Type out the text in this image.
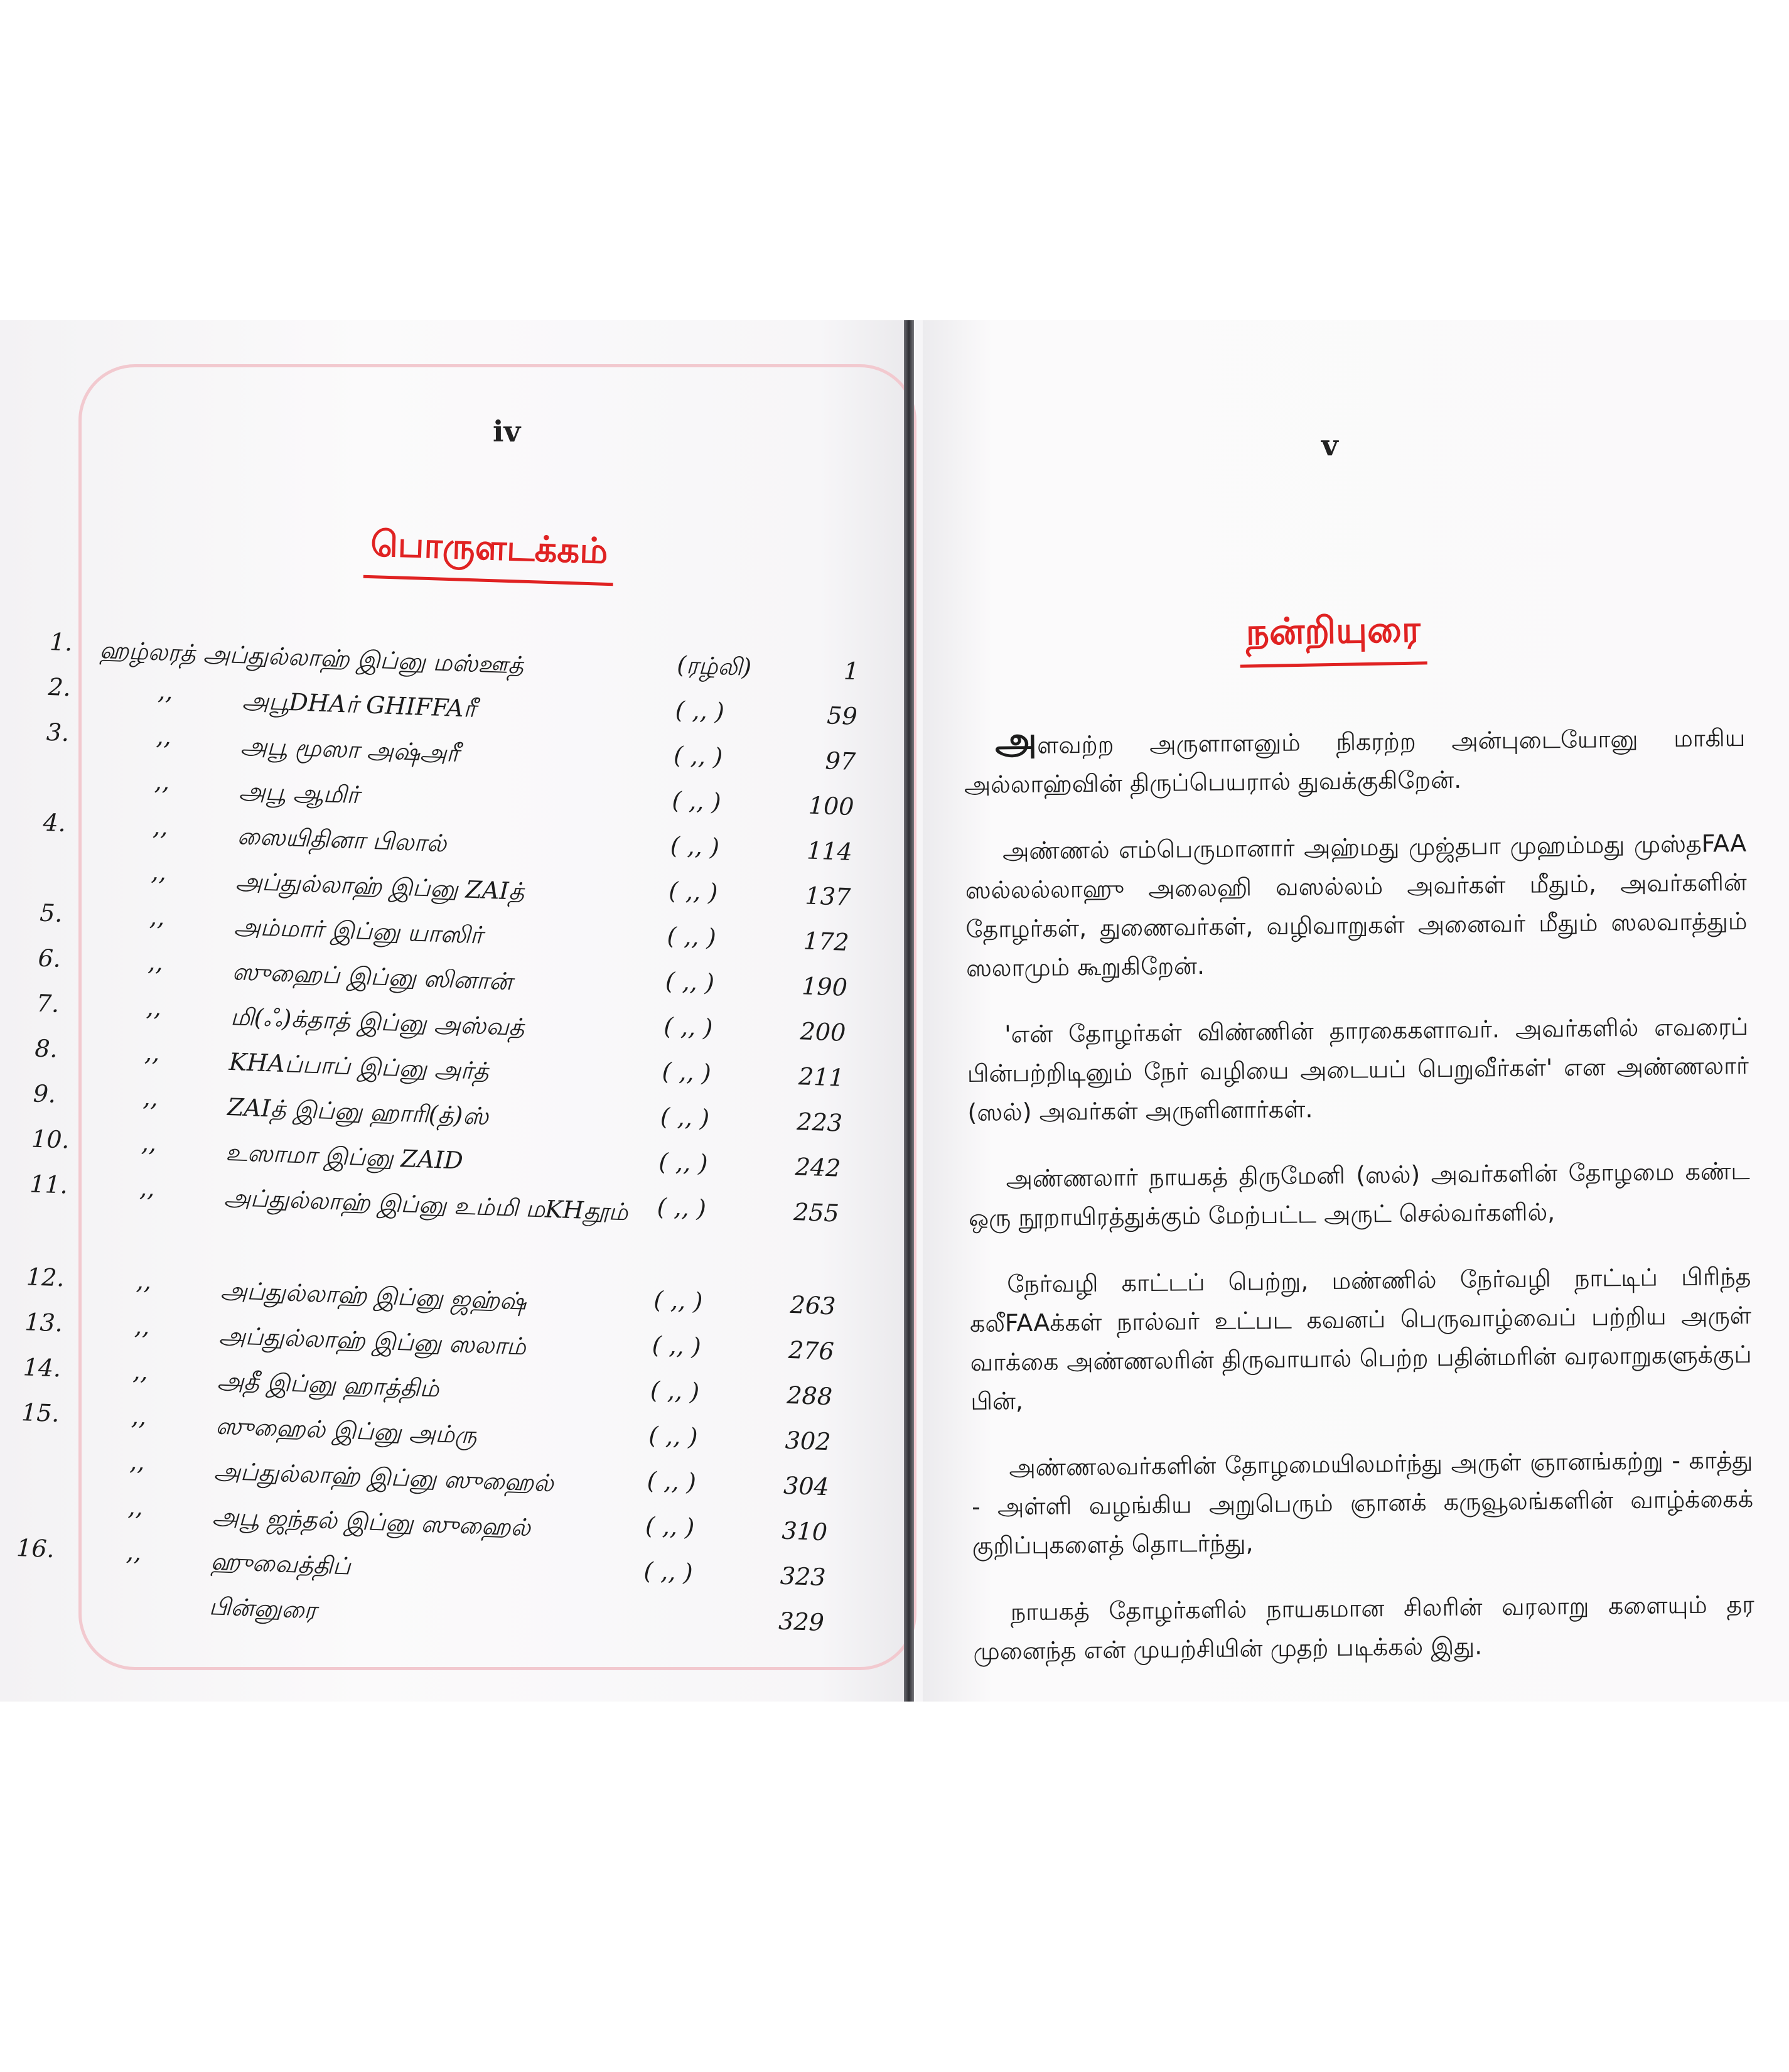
iv
பொருளடக்கம்
1.	ஹழ்லரத் அப்துல்லாஹ் இப்னு மஸ்ஊத்	(ரழ்லி)	1
2.	,,	அபூDHAர் GHIFFAரீ	( ,, )	59
3.	,,	அபூ மூஸா அஷ்அரீ	( ,, )	97
,,	அபூ ஆமிர்	( ,, )	100
4.	,,	ஸையிதினா பிலால்	( ,, )	114
,,	அப்துல்லாஹ் இப்னு ZAIத்	( ,, )	137
5.	,,	அம்மார் இப்னு யாஸிர்	( ,, )	172
6.	,,	ஸுஹைப் இப்னு ஸினான்	( ,, )	190
7.	,,	மி(ஃ)க்தாத் இப்னு அஸ்வத்	( ,, )	200
8.	,,	KHAப்பாப் இப்னு அர்த்	( ,, )	211
9.	,,	ZAIத் இப்னு ஹாரி(த்)ஸ்	( ,, )	223
10.	,,	உஸாமா இப்னு ZAID	( ,, )	242
11.	,,	அப்துல்லாஹ் இப்னு உம்மி மKHதூம்	( ,, )	255
12.	,,	அப்துல்லாஹ் இப்னு ஜஹ்ஷ்	( ,, )	263
13.	,,	அப்துல்லாஹ் இப்னு ஸலாம்	( ,, )	276
14.	,,	அதீ இப்னு ஹாத்திம்	( ,, )	288
15.	,,	ஸுஹைல் இப்னு அம்ரு	( ,, )	302
,,	அப்துல்லாஹ் இப்னு ஸுஹைல்	( ,, )	304
,,	அபூ ஜந்தல் இப்னு ஸுஹைல்	( ,, )	310
16.	,,	ஹுவைத்திப்	( ,, )	323
பின்னுரை	329
v
நன்றியுரை

அளவற்ற அருளாளனும் நிகரற்ற அன்புடையோனு மாகிய அல்லாஹ்வின் திருப்பெயரால் துவக்குகிறேன்.

அண்ணல் எம்பெருமானார் அஹ்மது முஜ்தபா முஹம்மது முஸ்தFAA ஸல்லல்லாஹு அலைஹி வஸல்லம் அவர்கள் மீதும், அவர்களின் தோழர்கள், துணைவர்கள், வழிவாறுகள் அனைவர் மீதும் ஸலவாத்தும் ஸலாமும் கூறுகிறேன்.

'என் தோழர்கள் விண்ணின் தாரகைகளாவர். அவர்களில் எவரைப் பின்பற்றிடினும் நேர் வழியை அடையப் பெறுவீர்கள்' என அண்ணலார் (ஸல்) அவர்கள் அருளினார்கள்.

அண்ணலார் நாயகத் திருமேனி (ஸல்) அவர்களின் தோழமை கண்ட ஒரு நூறாயிரத்துக்கும் மேற்பட்ட அருட் செல்வர்களில்,

நேர்வழி காட்டப் பெற்று, மண்ணில் நேர்வழி நாட்டிப் பிரிந்த கலீFAAக்கள் நால்வர் உட்பட கவனப் பெருவாழ்வைப் பற்றிய அருள் வாக்கை அண்ணலரின் திருவாயால் பெற்ற பதின்மரின் வரலாறுகளுக்குப் பின்,

அண்ணலவர்களின் தோழமையிலமர்ந்து அருள் ஞானங்கற்று - காத்து - அள்ளி வழங்கிய அறுபெரும் ஞானக் கருவூலங்களின் வாழ்க்கைக் குறிப்புகளைத் தொடர்ந்து,

நாயகத் தோழர்களில் நாயகமான சிலரின் வரலாறு களையும் தர முனைந்த என் முயற்சியின் முதற் படிக்கல் இது.
